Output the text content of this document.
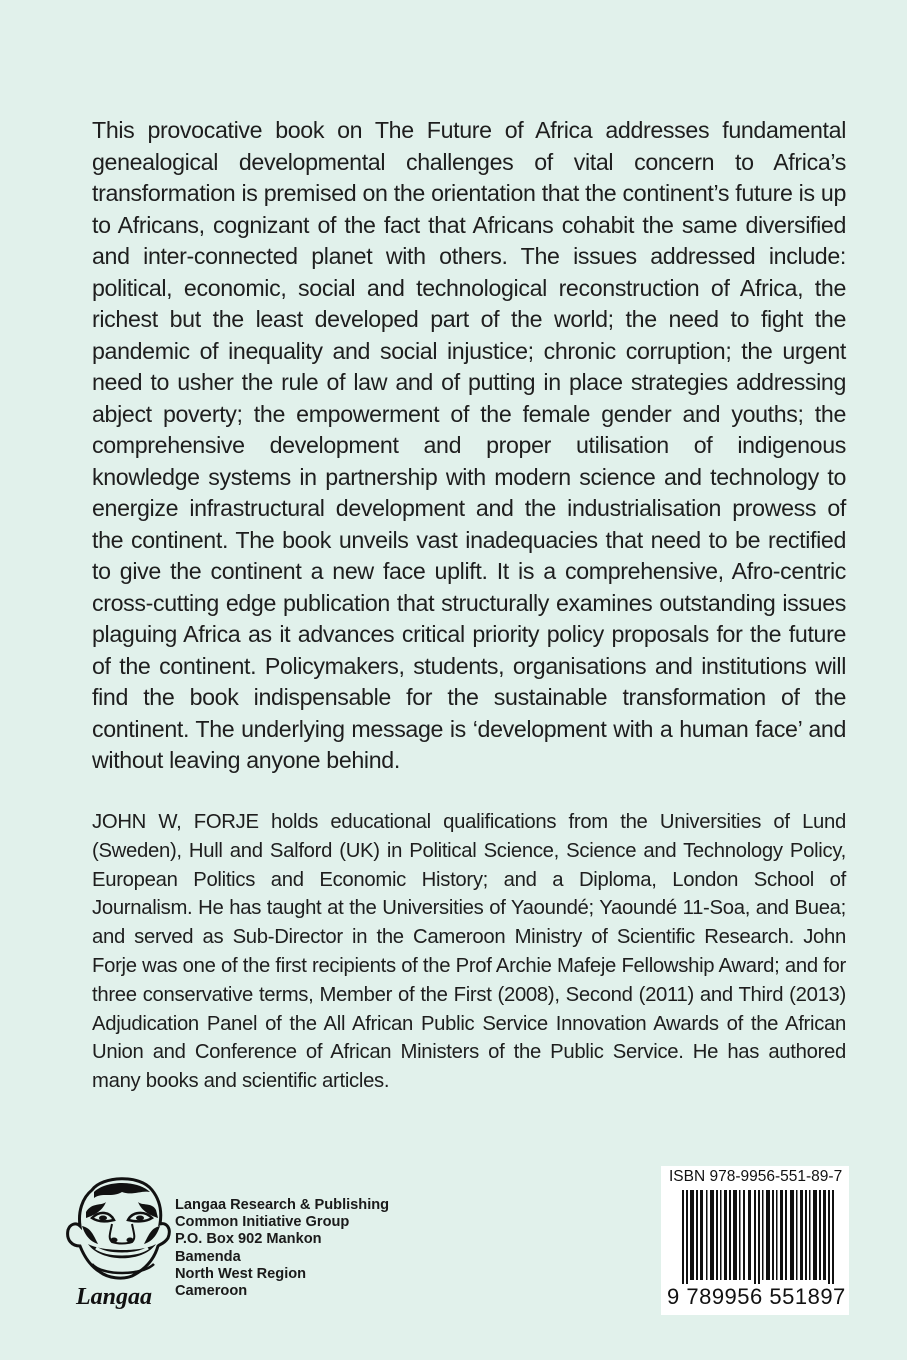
This provocative book on The Future of Africa addresses fundamental genealogical developmental challenges of vital concern to Africa’s transformation is premised on the orientation that the continent’s future is up to Africans, cognizant of the fact that Africans cohabit the same diversified and inter-connected planet with others. The issues addressed include: political, economic, social and technological reconstruction of Africa, the richest but the least developed part of the world; the need to fight the pandemic of inequality and social injustice; chronic corruption; the urgent need to usher the rule of law and of putting in place strategies addressing abject poverty; the empowerment of the female gender and youths; the comprehensive development and proper utilisation of indigenous knowledge systems in partnership with modern science and technology to energize infrastructural development and the industrialisation prowess of the continent. The book unveils vast inadequacies that need to be rectified to give the continent a new face uplift. It is a comprehensive, Afro-centric cross-cutting edge publication that structurally examines outstanding issues plaguing Africa as it advances critical priority policy proposals for the future of the continent. Policymakers, students, organisations and institutions will find the book indispensable for the sustainable transformation of the continent. The underlying message is ‘development with a human face’ and without leaving anyone behind.

JOHN W, FORJE holds educational qualifications from the Universities of Lund (Sweden), Hull and Salford (UK) in Political Science, Science and Technology Policy, European Politics and Economic History; and a Diploma, London School of Journalism. He has taught at the Universities of Yaoundé; Yaoundé 11-Soa, and Buea; and served as Sub-Director in the Cameroon Ministry of Scientific Research. John Forje was one of the first recipients of the Prof Archie Mafeje Fellowship Award; and for three conservative terms, Member of the First (2008), Second (2011) and Third (2013) Adjudication Panel of the All African Public Service Innovation Awards of the African Union and Conference of African Ministers of the Public Service. He has authored many books and scientific articles.

Langaa
Langaa Research & Publishing
Common Initiative Group
P.O. Box 902 Mankon
Bamenda
North West Region
Cameroon
ISBN 978-9956-551-89-7
9 789956 551897
